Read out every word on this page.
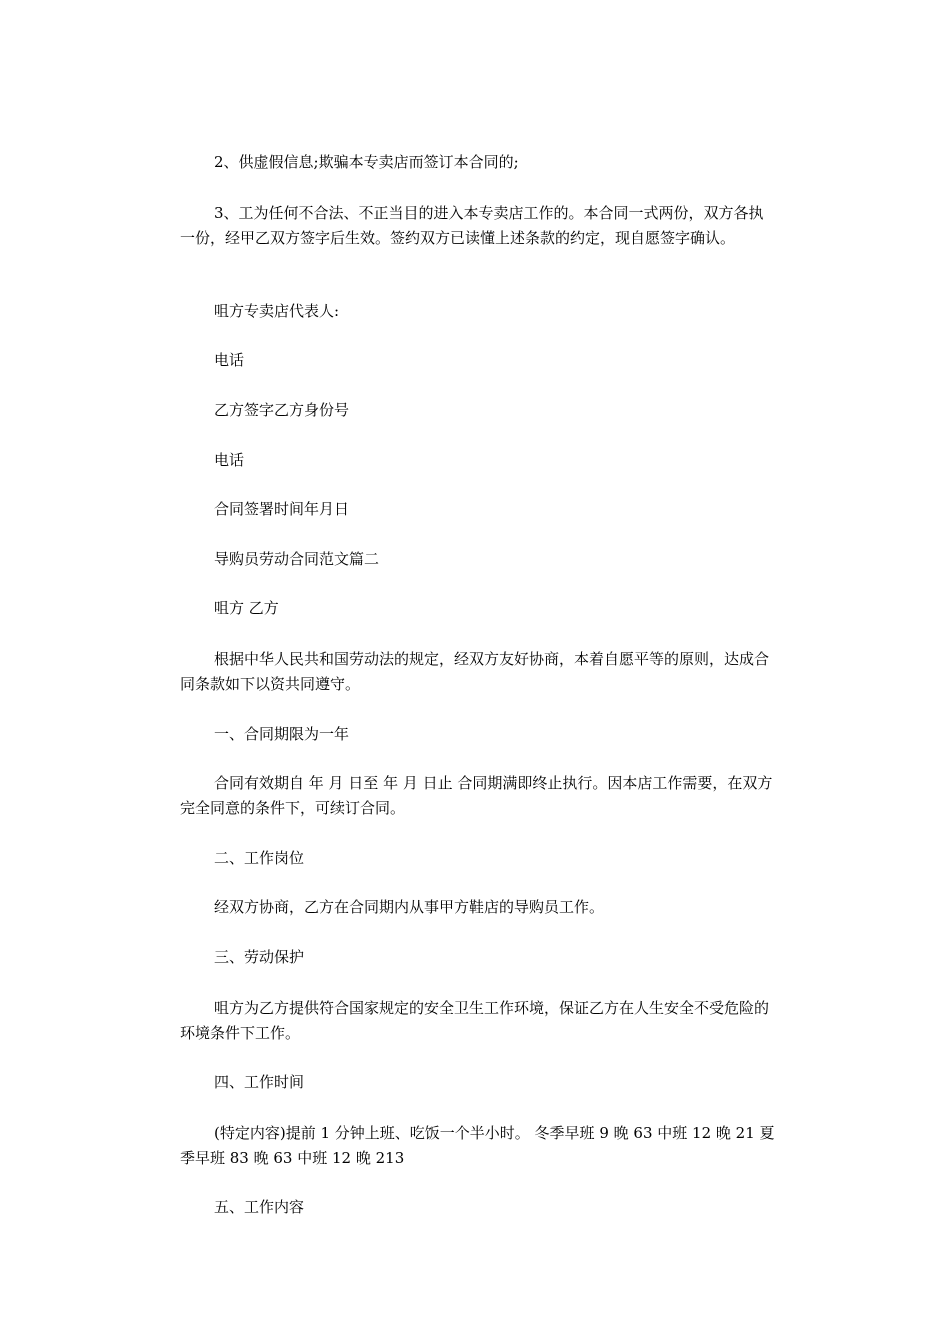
2、供虚假信息;欺骗本专卖店而签订本合同的;

3、工为任何不合法、不正当目的进入本专卖店工作的。本合同一式两份，双方各执一份，经甲乙双方签字后生效。签约双方已读懂上述条款的约定，现自愿签字确认。

咀方专卖店代表人:

电话

乙方签字乙方身份号

电话

合同签署时间年月日

导购员劳动合同范文篇二

咀方 乙方

根据中华人民共和国劳动法的规定，经双方友好协商，本着自愿平等的原则，达成合同条款如下以资共同遵守。

一、合同期限为一年

合同有效期自 年 月 日至 年 月 日止 合同期满即终止执行。因本店工作需要，在双方完全同意的条件下，可续订合同。

二、工作岗位

经双方协商，乙方在合同期内从事甲方鞋店的导购员工作。

三、劳动保护

咀方为乙方提供符合国家规定的安全卫生工作环境，保证乙方在人生安全不受危险的环境条件下工作。

四、工作时间

(特定内容)提前 1 分钟上班、吃饭一个半小时。 冬季早班 9 晚 63 中班 12 晚 21 夏季早班 83 晚 63 中班 12 晚 213

五、工作内容
